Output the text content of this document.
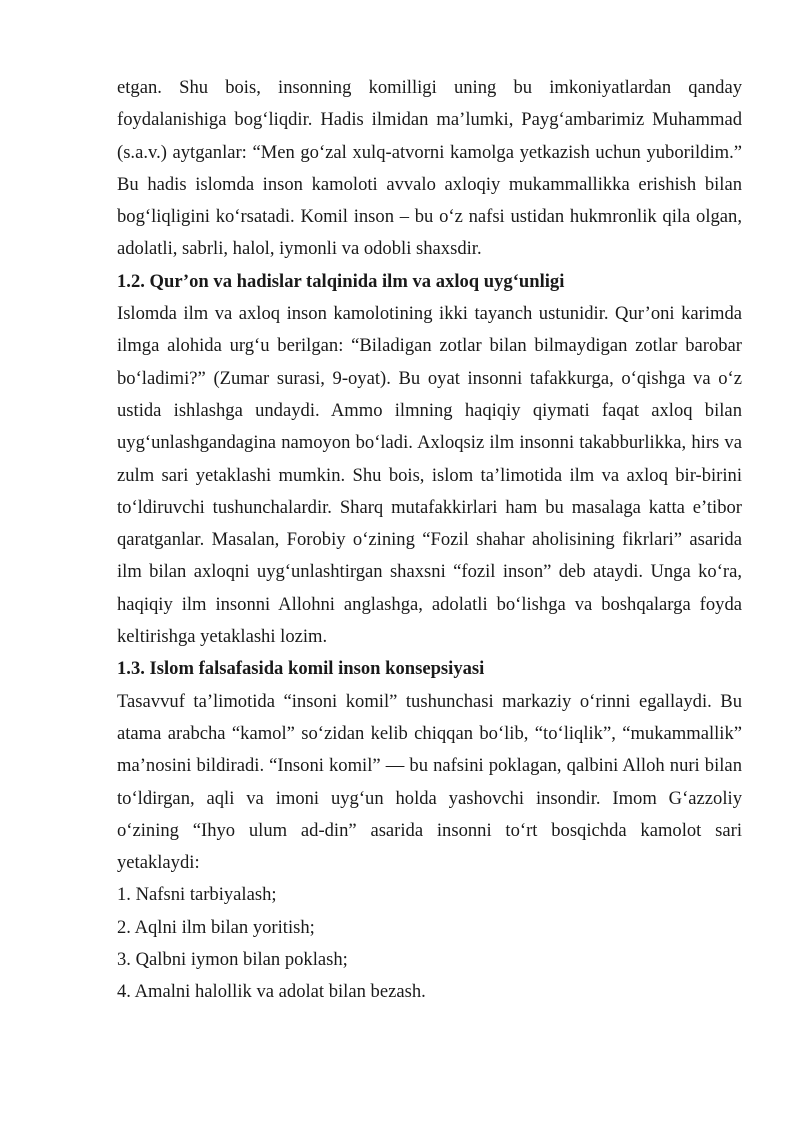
etgan. Shu bois, insonning komilligi uning bu imkoniyatlardan qanday foydalanishiga bog‘liqdir. Hadis ilmidan ma’lumki, Payg‘ambarimiz Muhammad (s.a.v.) aytganlar: “Men go‘zal xulq-atvorni kamolga yetkazish uchun yuborildim.” Bu hadis islomda inson kamoloti avvalo axloqiy mukammallikka erishish bilan bog‘liqligini ko‘rsatadi. Komil inson – bu o‘z nafsi ustidan hukmronlik qila olgan, adolatli, sabrli, halol, iymonli va odobli shaxsdir.

1.2. Qur’on va hadislar talqinida ilm va axloq uyg‘unligi

Islomda ilm va axloq inson kamolotining ikki tayanch ustunidir. Qur’oni karimda ilmga alohida urg‘u berilgan: “Biladigan zotlar bilan bilmaydigan zotlar barobar bo‘ladimi?” (Zumar surasi, 9-oyat). Bu oyat insonni tafakkurga, o‘qishga va o‘z ustida ishlashga undaydi. Ammo ilmning haqiqiy qiymati faqat axloq bilan uyg‘unlashgandagina namoyon bo‘ladi. Axloqsiz ilm insonni takabburlikka, hirs va zulm sari yetaklashi mumkin. Shu bois, islom ta’limotida ilm va axloq bir-birini to‘ldiruvchi tushunchalardir. Sharq mutafakkirlari ham bu masalaga katta e’tibor qaratganlar. Masalan, Forobiy o‘zining “Fozil shahar aholisining fikrlari” asarida ilm bilan axloqni uyg‘unlashtirgan shaxsni “fozil inson” deb ataydi. Unga ko‘ra, haqiqiy ilm insonni Allohni anglashga, adolatli bo‘lishga va boshqalarga foyda keltirishga yetaklashi lozim.

1.3. Islom falsafasida komil inson konsepsiyasi

Tasavvuf ta’limotida “insoni komil” tushunchasi markaziy o‘rinni egallaydi. Bu atama arabcha “kamol” so‘zidan kelib chiqqan bo‘lib, “to‘liqlik”, “mukammallik” ma’nosini bildiradi. “Insoni komil” — bu nafsini poklagan, qalbini Alloh nuri bilan to‘ldirgan, aqli va imoni uyg‘un holda yashovchi insondir. Imom G‘azzoliy o‘zining “Ihyo ulum ad-din” asarida insonni to‘rt bosqichda kamolot sari yetaklaydi:

1. Nafsni tarbiyalash;
2. Aqlni ilm bilan yoritish;
3. Qalbni iymon bilan poklash;
4. Amalni halollik va adolat bilan bezash.
